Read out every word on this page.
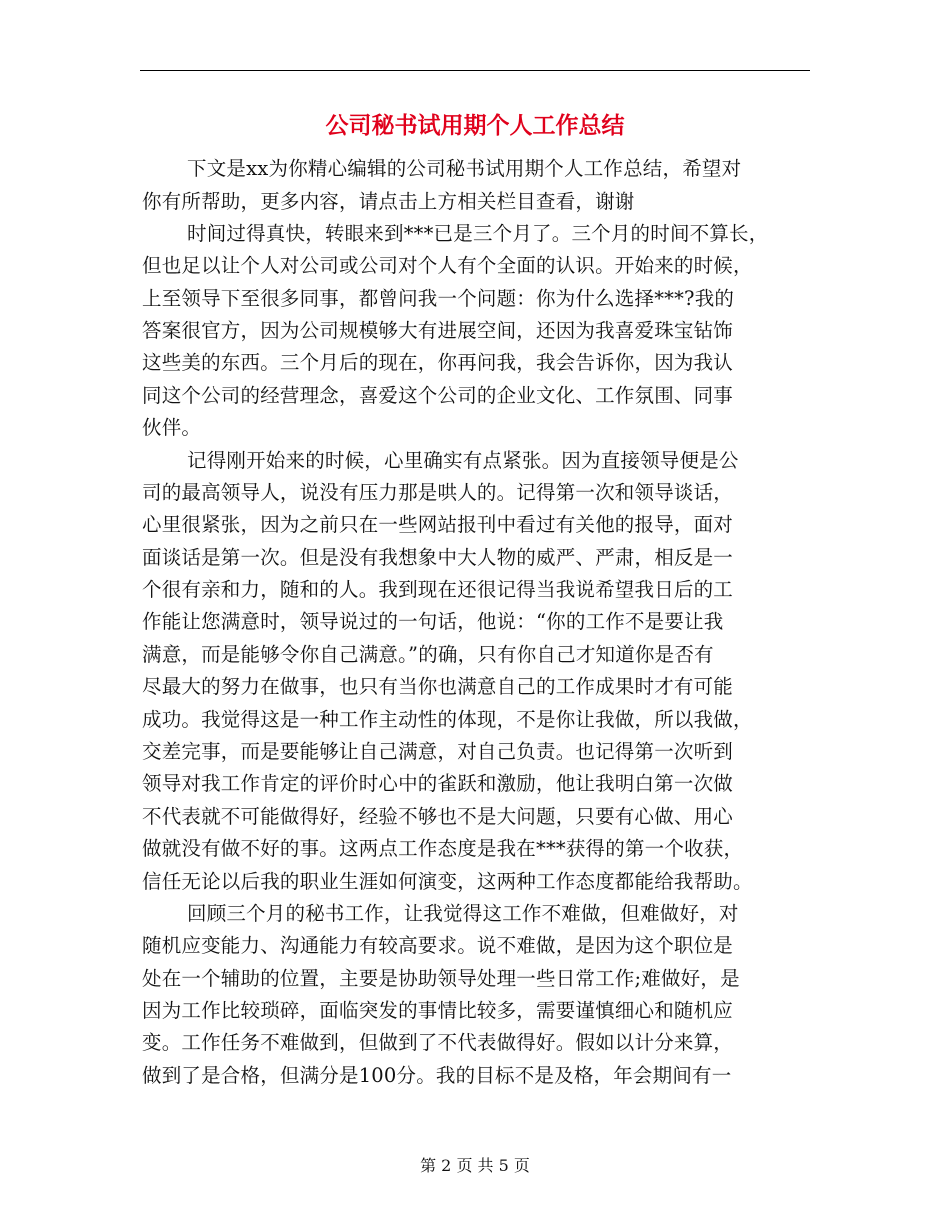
公司秘书试用期个人工作总结
下文是xx为你精心编辑的公司秘书试用期个人工作总结，希望对
你有所帮助，更多内容，请点击上方相关栏目查看，谢谢
时间过得真快，转眼来到***已是三个月了。三个月的时间不算长，
但也足以让个人对公司或公司对个人有个全面的认识。开始来的时候，
上至领导下至很多同事，都曾问我一个问题：你为什么选择***?我的
答案很官方，因为公司规模够大有进展空间，还因为我喜爱珠宝钻饰
这些美的东西。三个月后的现在，你再问我，我会告诉你，因为我认
同这个公司的经营理念，喜爱这个公司的企业文化、工作氛围、同事
伙伴。
记得刚开始来的时候，心里确实有点紧张。因为直接领导便是公
司的最高领导人，说没有压力那是哄人的。记得第一次和领导谈话，
心里很紧张，因为之前只在一些网站报刊中看过有关他的报导，面对
面谈话是第一次。但是没有我想象中大人物的威严、严肃，相反是一
个很有亲和力，随和的人。我到现在还很记得当我说希望我日后的工
作能让您满意时，领导说过的一句话，他说：“你的工作不是要让我
满意，而是能够令你自己满意。”的确，只有你自己才知道你是否有
尽最大的努力在做事，也只有当你也满意自己的工作成果时才有可能
成功。我觉得这是一种工作主动性的体现，不是你让我做，所以我做，
交差完事，而是要能够让自己满意，对自己负责。也记得第一次听到
领导对我工作肯定的评价时心中的雀跃和激励，他让我明白第一次做
不代表就不可能做得好，经验不够也不是大问题，只要有心做、用心
做就没有做不好的事。这两点工作态度是我在***获得的第一个收获，
信任无论以后我的职业生涯如何演变，这两种工作态度都能给我帮助。
回顾三个月的秘书工作，让我觉得这工作不难做，但难做好，对
随机应变能力、沟通能力有较高要求。说不难做，是因为这个职位是
处在一个辅助的位置，主要是协助领导处理一些日常工作;难做好，是
因为工作比较琐碎，面临突发的事情比较多，需要谨慎细心和随机应
变。工作任务不难做到，但做到了不代表做得好。假如以计分来算，
做到了是合格，但满分是100分。我的目标不是及格，年会期间有一
第 2 页 共 5 页
